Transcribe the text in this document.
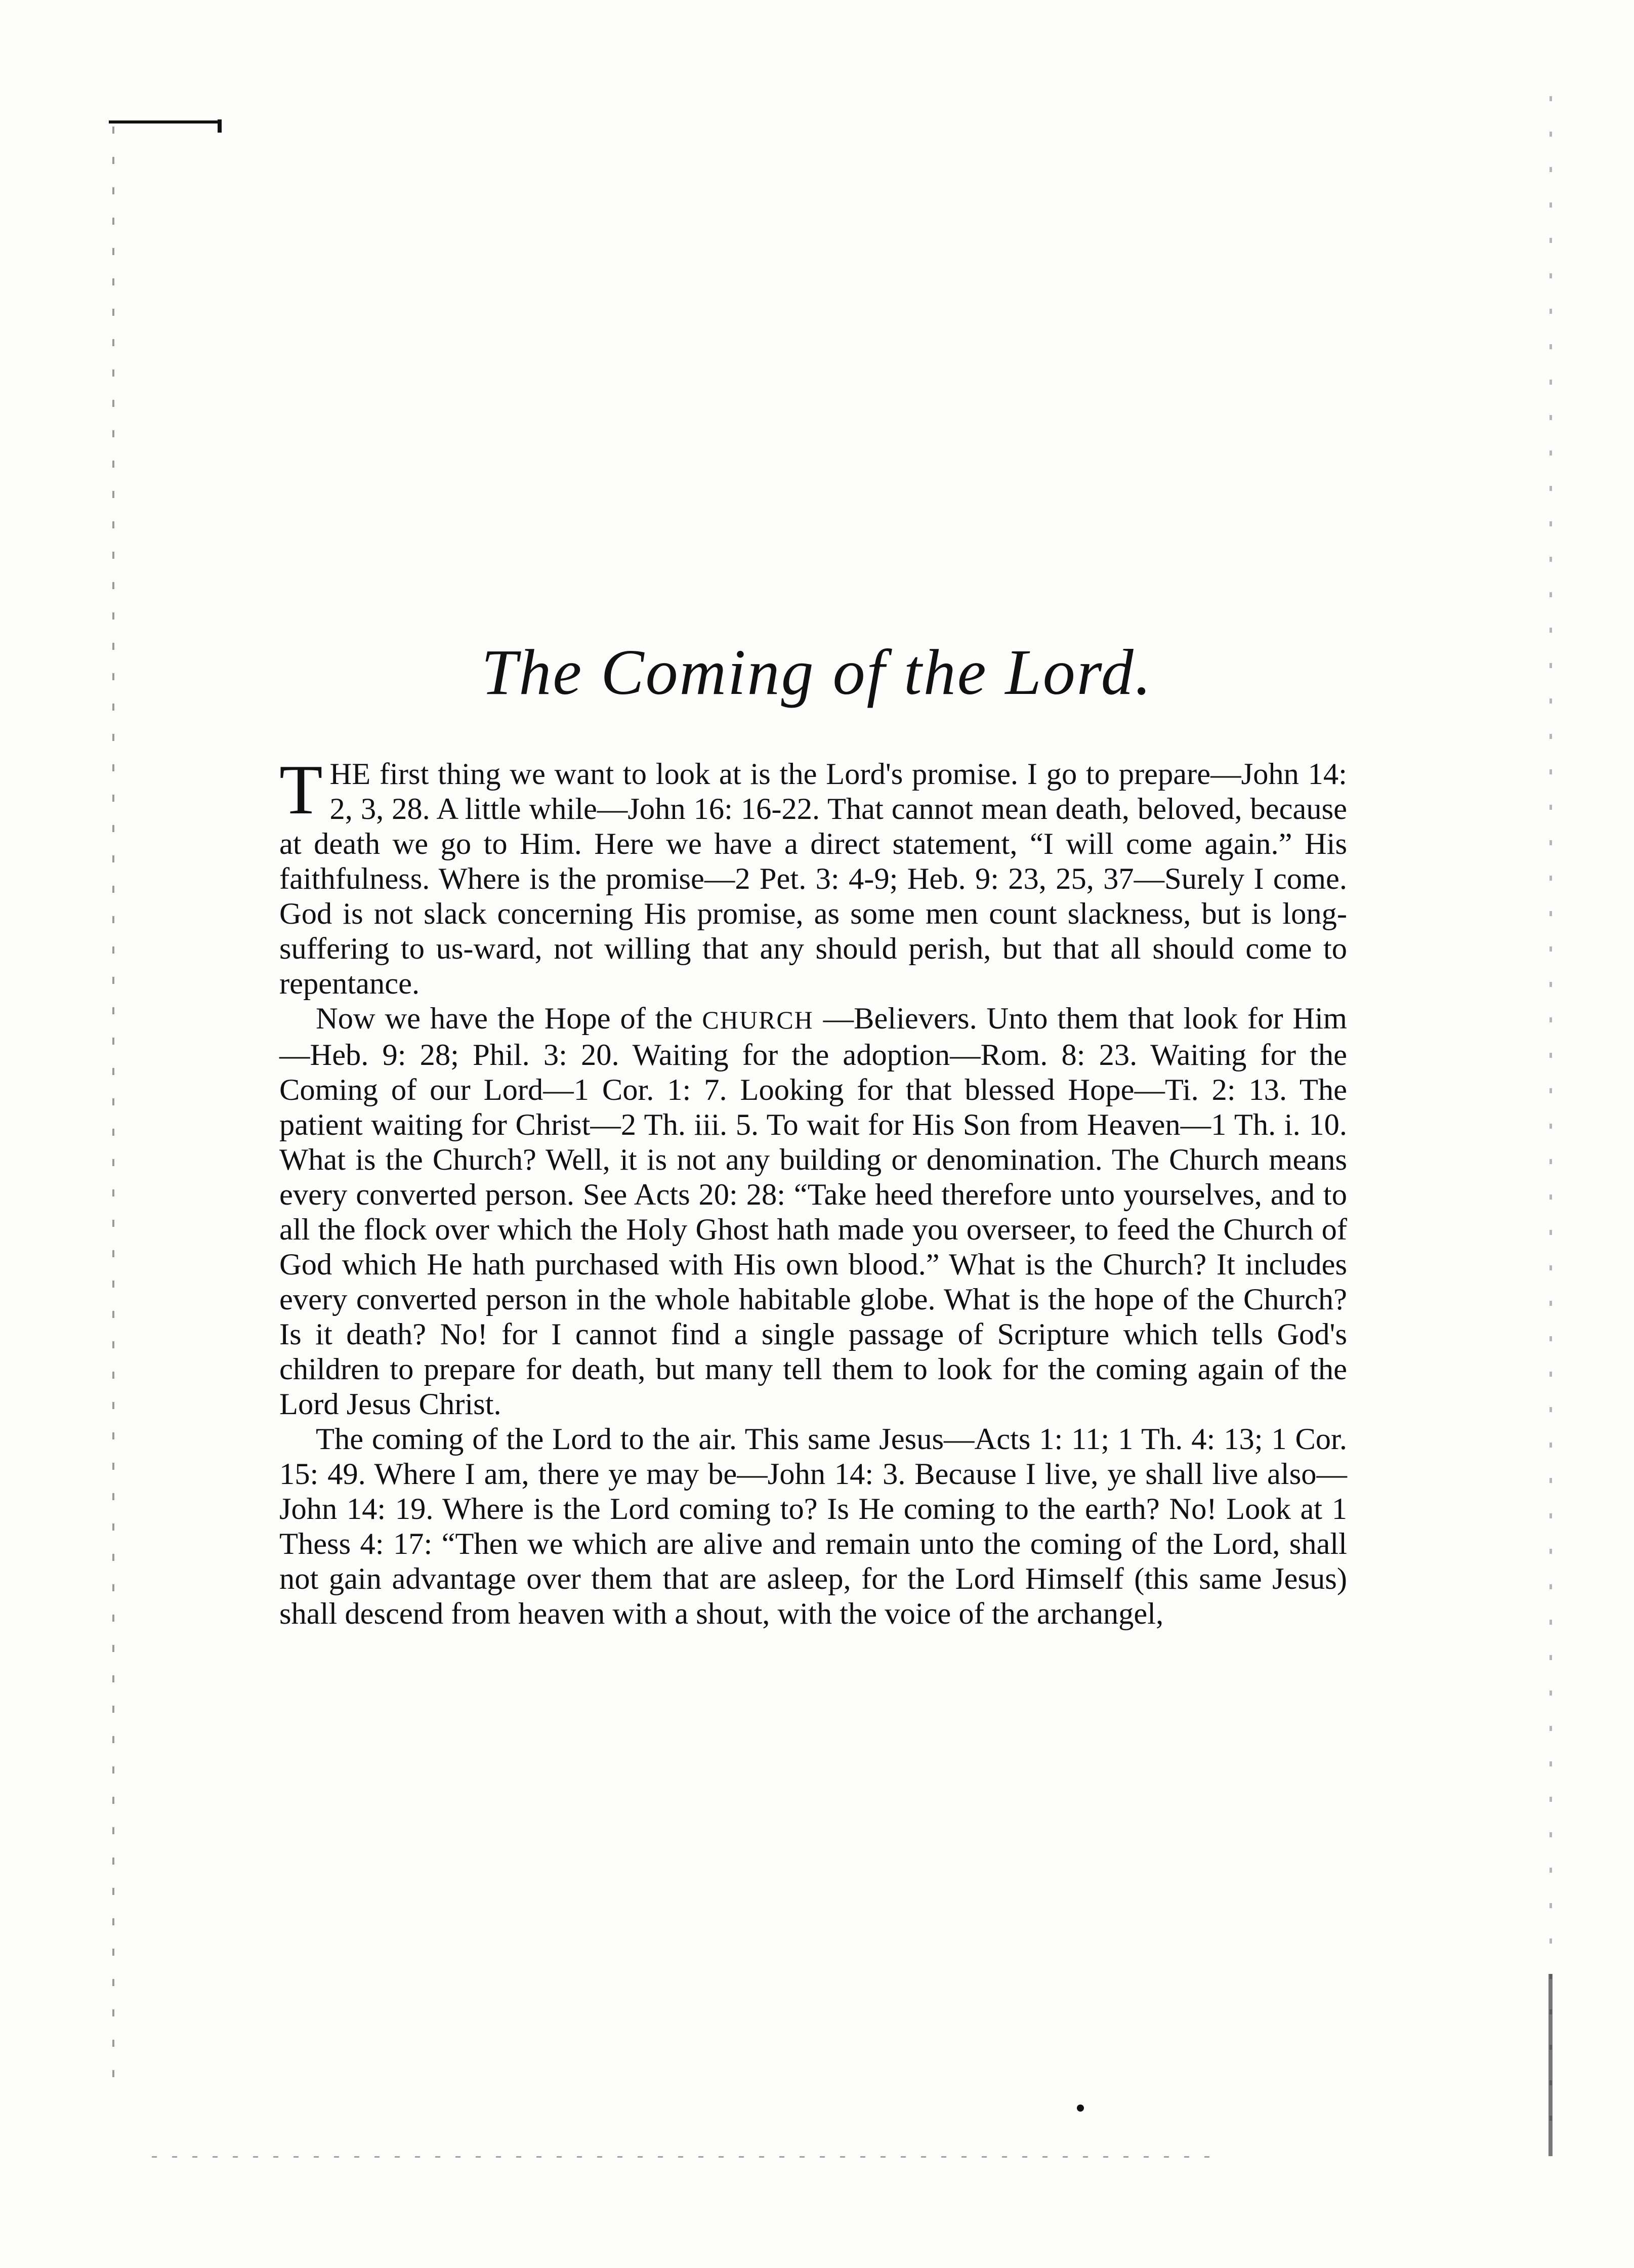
The Coming of the Lord.

THE first thing we want to look at is the Lord's promise. I go to prepare—John 14: 2, 3, 28. A little while—John 16: 16-22. That cannot mean death, beloved, because at death we go to Him. Here we have a direct statement, “I will come again.” His faithfulness. Where is the promise—2 Pet. 3: 4-9; Heb. 9: 23, 25, 37—Surely I come. God is not slack concerning His promise, as some men count slackness, but is long-suffering to us-ward, not willing that any should perish, but that all should come to repentance.

Now we have the Hope of the CHURCH —Believers. Unto them that look for Him—Heb. 9: 28; Phil. 3: 20. Waiting for the adoption—Rom. 8: 23. Waiting for the Coming of our Lord—1 Cor. 1: 7. Looking for that blessed Hope—Ti. 2: 13. The patient waiting for Christ—2 Th. iii. 5. To wait for His Son from Heaven—1 Th. i. 10. What is the Church? Well, it is not any building or denomination. The Church means every converted person. See Acts 20: 28: “Take heed therefore unto yourselves, and to all the flock over which the Holy Ghost hath made you overseer, to feed the Church of God which He hath purchased with His own blood.” What is the Church? It includes every converted person in the whole habitable globe. What is the hope of the Church? Is it death? No! for I cannot find a single passage of Scripture which tells God's children to prepare for death, but many tell them to look for the coming again of the Lord Jesus Christ.

The coming of the Lord to the air. This same Jesus—Acts 1: 11; 1 Th. 4: 13; 1 Cor. 15: 49. Where I am, there ye may be—John 14: 3. Because I live, ye shall live also—John 14: 19. Where is the Lord coming to? Is He coming to the earth? No! Look at 1 Thess 4: 17: “Then we which are alive and remain unto the coming of the Lord, shall not gain advantage over them that are asleep, for the Lord Himself (this same Jesus) shall descend from heaven with a shout, with the voice of the archangel,
